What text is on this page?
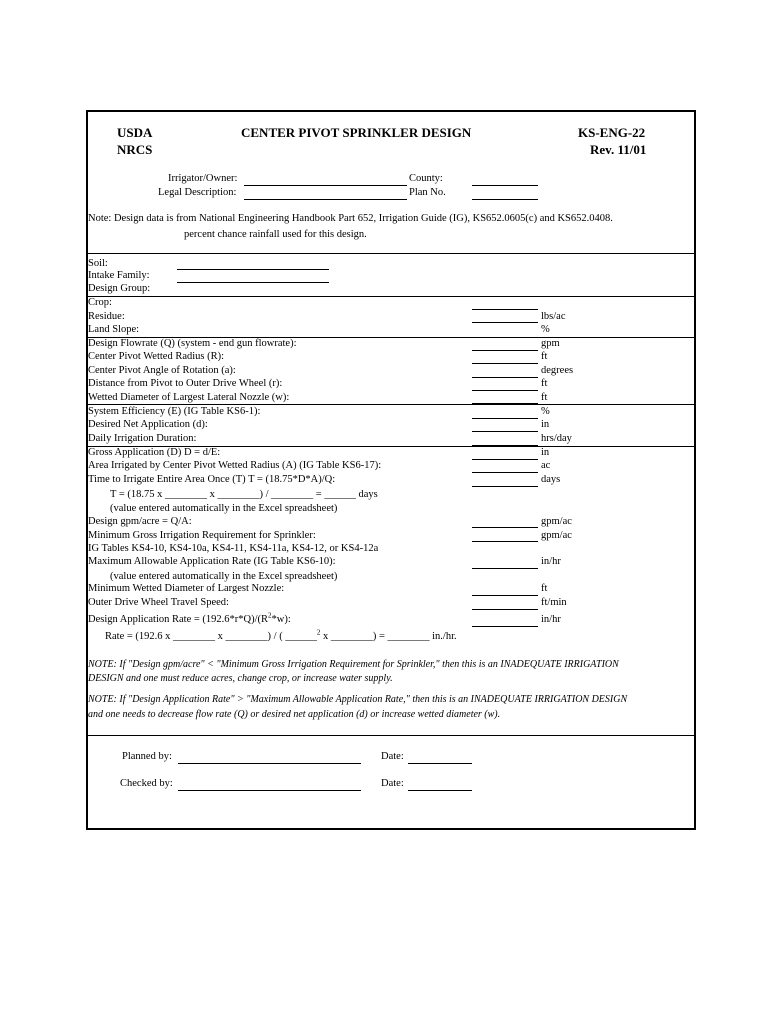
USDA
NRCS
CENTER PIVOT SPRINKLER DESIGN	KS-ENG-22
Rev. 11/01
Irrigator/Owner:	County:
Legal Description:	Plan No.
Note: Design data is from National Engineering Handbook Part 652, Irrigation Guide (IG), KS652.0605(c) and KS652.0408.
percent chance rainfall used for this design.
Soil:
Intake Family:
Design Group:
Crop:
Residue:	lbs/ac
Land Slope:	%
Design Flowrate (Q) (system - end gun flowrate):	gpm
Center Pivot Wetted Radius (R):	ft
Center Pivot Angle of Rotation (a):	degrees
Distance from Pivot to Outer Drive Wheel (r):	ft
Wetted Diameter of Largest Lateral Nozzle (w):	ft
System Efficiency (E) (IG Table KS6-1):	%
Desired Net Application (d):	in
Daily Irrigation Duration:	hrs/day
Gross Application (D) D = d/E:	in
Area Irrigated by Center Pivot Wetted Radius (A) (IG Table KS6-17):	ac
Time to Irrigate Entire Area Once (T) T = (18.75*D*A)/Q:	days
T = (18.75 x ________ x ________) / ________ = ______ days
(value entered automatically in the Excel spreadsheet)
Design gpm/acre = Q/A:	gpm/ac
Minimum Gross Irrigation Requirement for Sprinkler:	gpm/ac
IG Tables KS4-10, KS4-10a, KS4-11, KS4-11a, KS4-12, or KS4-12a
Maximum Allowable Application Rate (IG Table KS6-10):	in/hr
(value entered automatically in the Excel spreadsheet)
Minimum Wetted Diameter of Largest Nozzle:	ft
Outer Drive Wheel Travel Speed:	ft/min
Design Application Rate = $(192.6*r*Q)/(R^2*w)$:	in/hr
Rate = (192.6 x ________ x ________) / ( ______$^2$ x ________) = ________ in./hr.
NOTE: If "Design gpm/acre" < "Minimum Gross Irrigation Requirement for Sprinkler," then this is an INADEQUATE IRRIGATION
DESIGN and one must reduce acres, change crop, or increase water supply.
NOTE: If "Design Application Rate" > "Maximum Allowable Application Rate," then this is an INADEQUATE IRRIGATION DESIGN
and one needs to decrease flow rate (Q) or desired net application (d) or increase wetted diameter (w).
Planned by:	Date:
Checked by:	Date:
